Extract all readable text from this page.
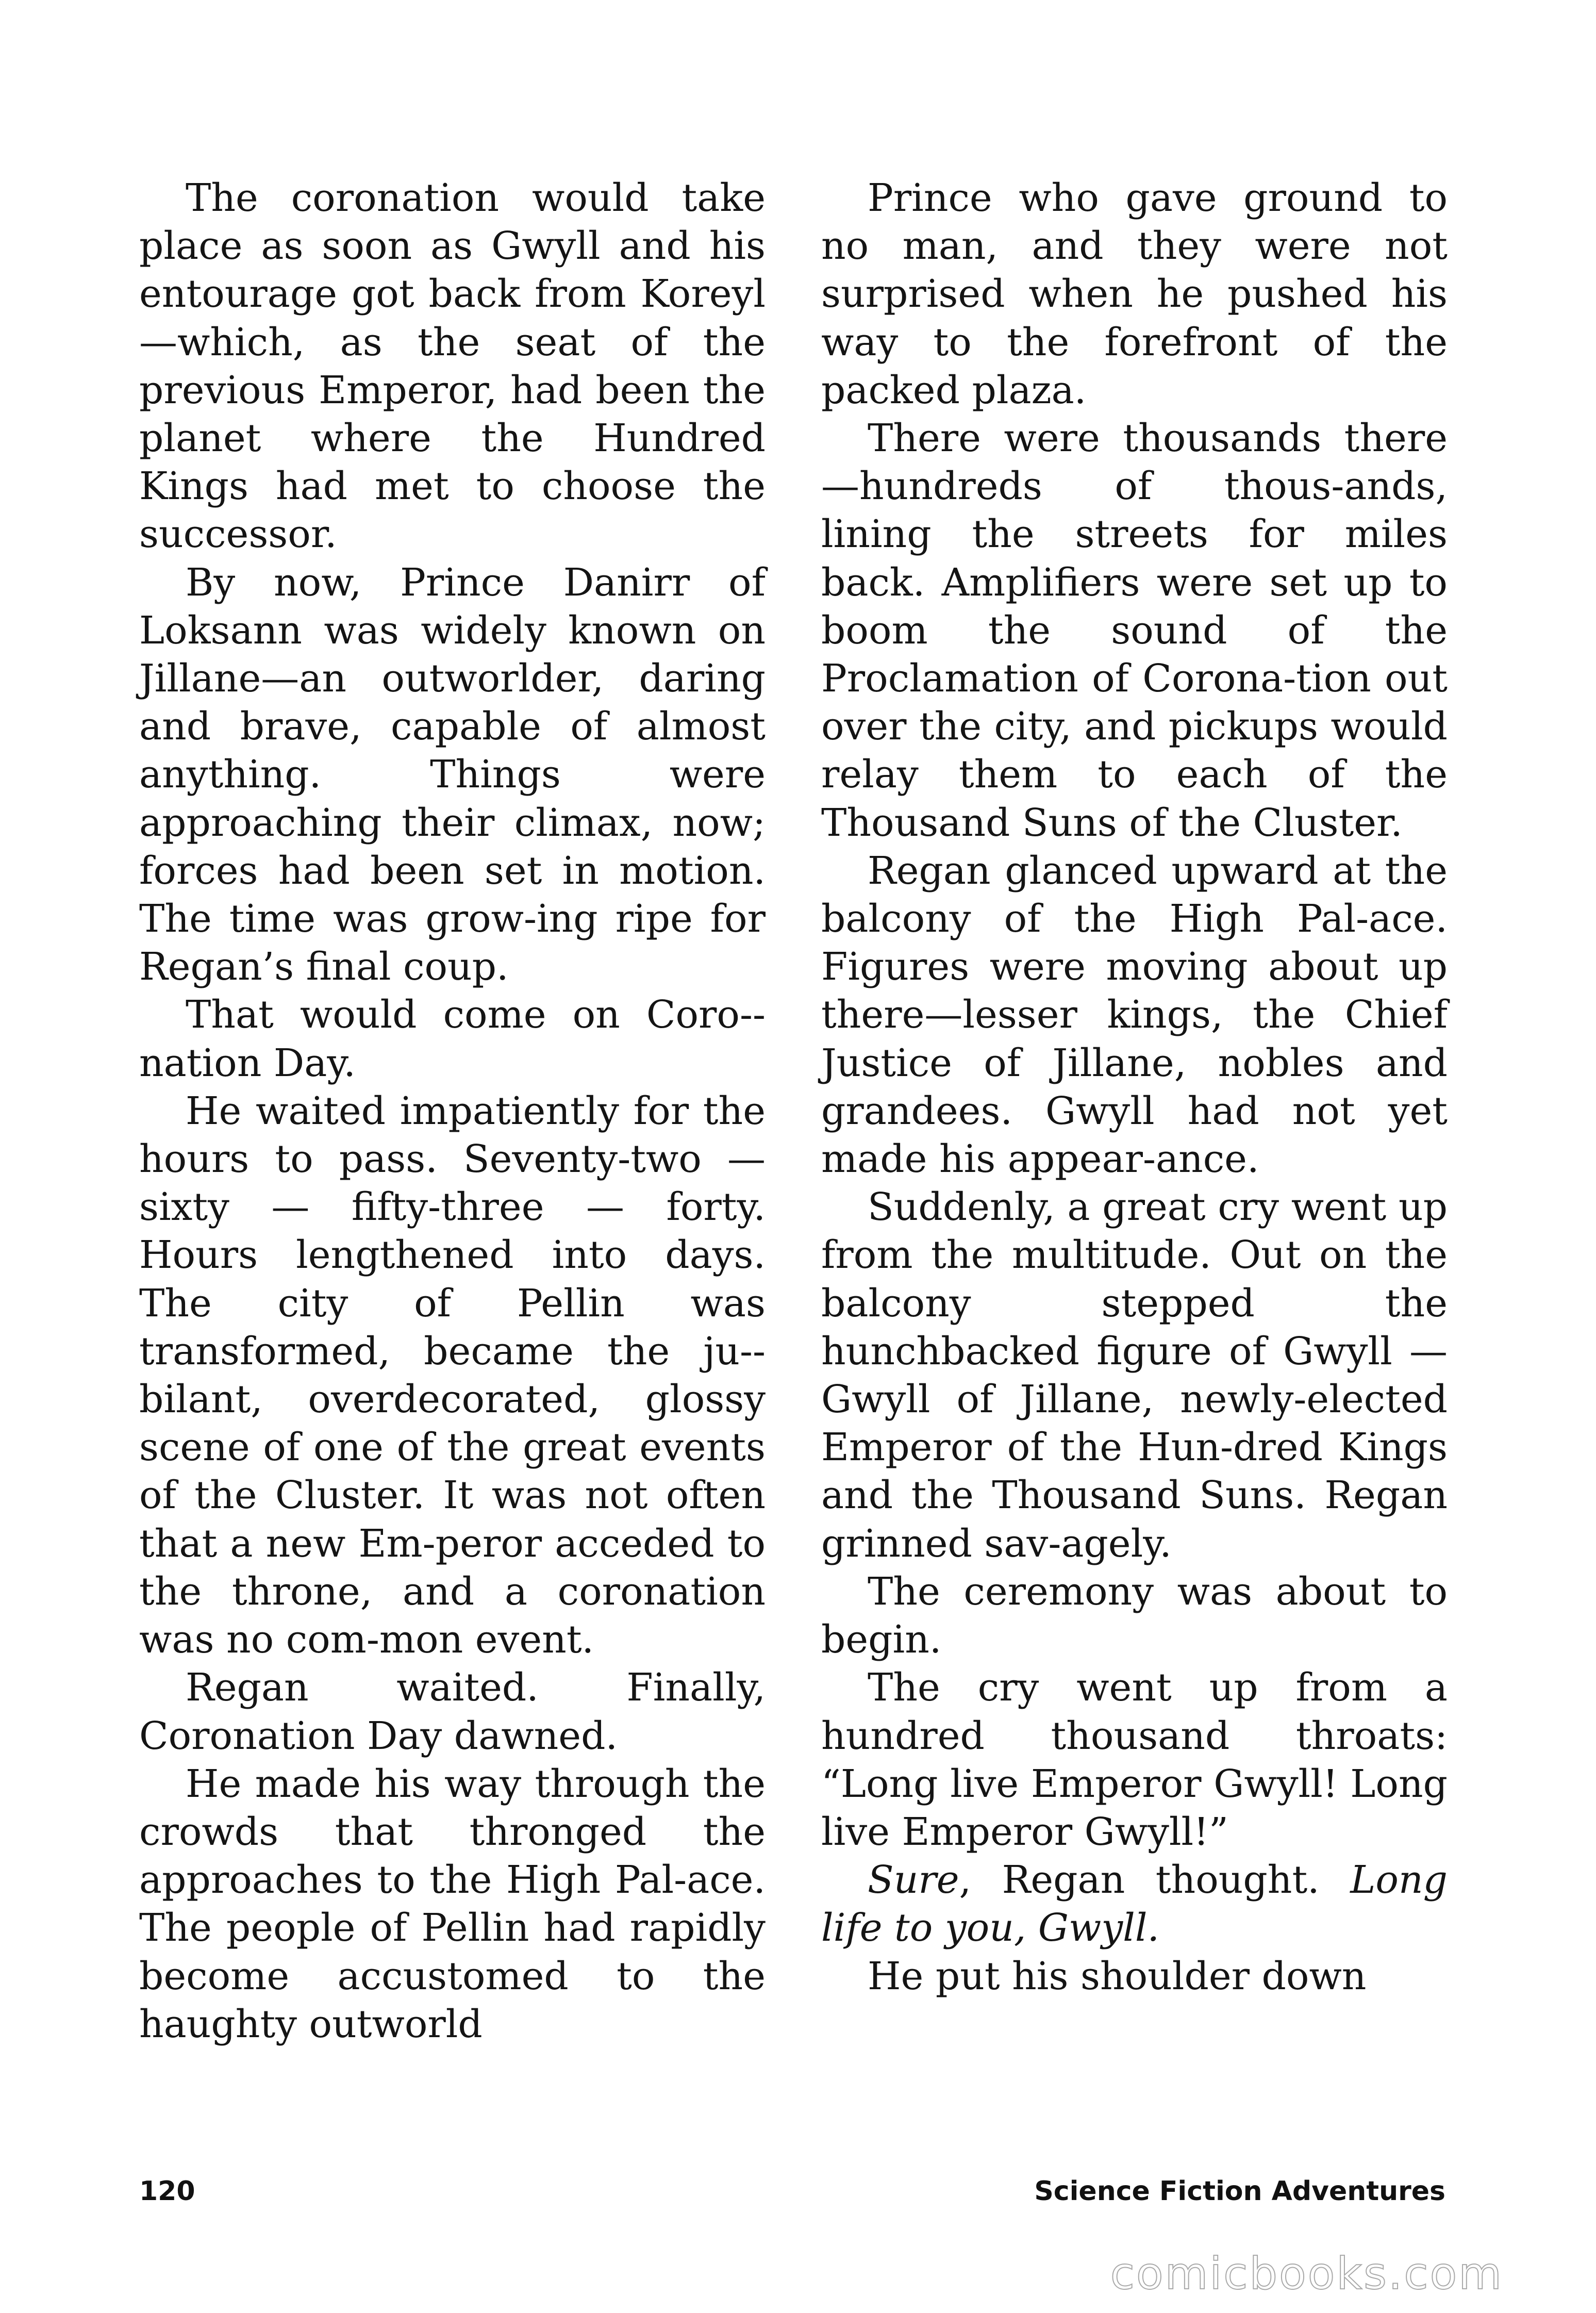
The coronation would take place as soon as Gwyll and his entourage got back from Koreyl—which, as the seat of the previous Emperor, had been the planet where the Hundred Kings had met to choose the successor.

By now, Prince Danirr of Loksann was widely known on Jillane—an outworlder, daring and brave, capable of almost anything. Things were approaching their climax, now; forces had been set in motion. The time was grow-ing ripe for Regan’s final coup.

That would come on Coro-nation Day.

He waited impatiently for the hours to pass. Seventy-two — sixty — fifty-three — forty. Hours lengthened into days. The city of Pellin was transformed, became the ju-bilant, overdecorated, glossy scene of one of the great events of the Cluster. It was not often that a new Em-peror acceded to the throne, and a coronation was no com-mon event.

Regan waited. Finally, Coronation Day dawned.

He made his way through the crowds that thronged the approaches to the High Pal-ace. The people of Pellin had rapidly become accustomed to the haughty outworld

Prince who gave ground to no man, and they were not surprised when he pushed his way to the forefront of the packed plaza.

There were thousands there—hundreds of thous-ands, lining the streets for miles back. Amplifiers were set up to boom the sound of the Proclamation of Corona-tion out over the city, and pickups would relay them to each of the Thousand Suns of the Cluster.

Regan glanced upward at the balcony of the High Pal-ace. Figures were moving about up there—lesser kings, the Chief Justice of Jillane, nobles and grandees. Gwyll had not yet made his appear-ance.

Suddenly, a great cry went up from the multitude. Out on the balcony stepped the hunchbacked figure of Gwyll —Gwyll of Jillane, newly-elected Emperor of the Hun-dred Kings and the Thousand Suns. Regan grinned sav-agely.

The ceremony was about to begin.

The cry went up from a hundred thousand throats: “Long live Emperor Gwyll! Long live Emperor Gwyll!”

Sure, Regan thought. Long life to you, Gwyll.

He put his shoulder down

120	Science Fiction Adventures
comicbooks.com
